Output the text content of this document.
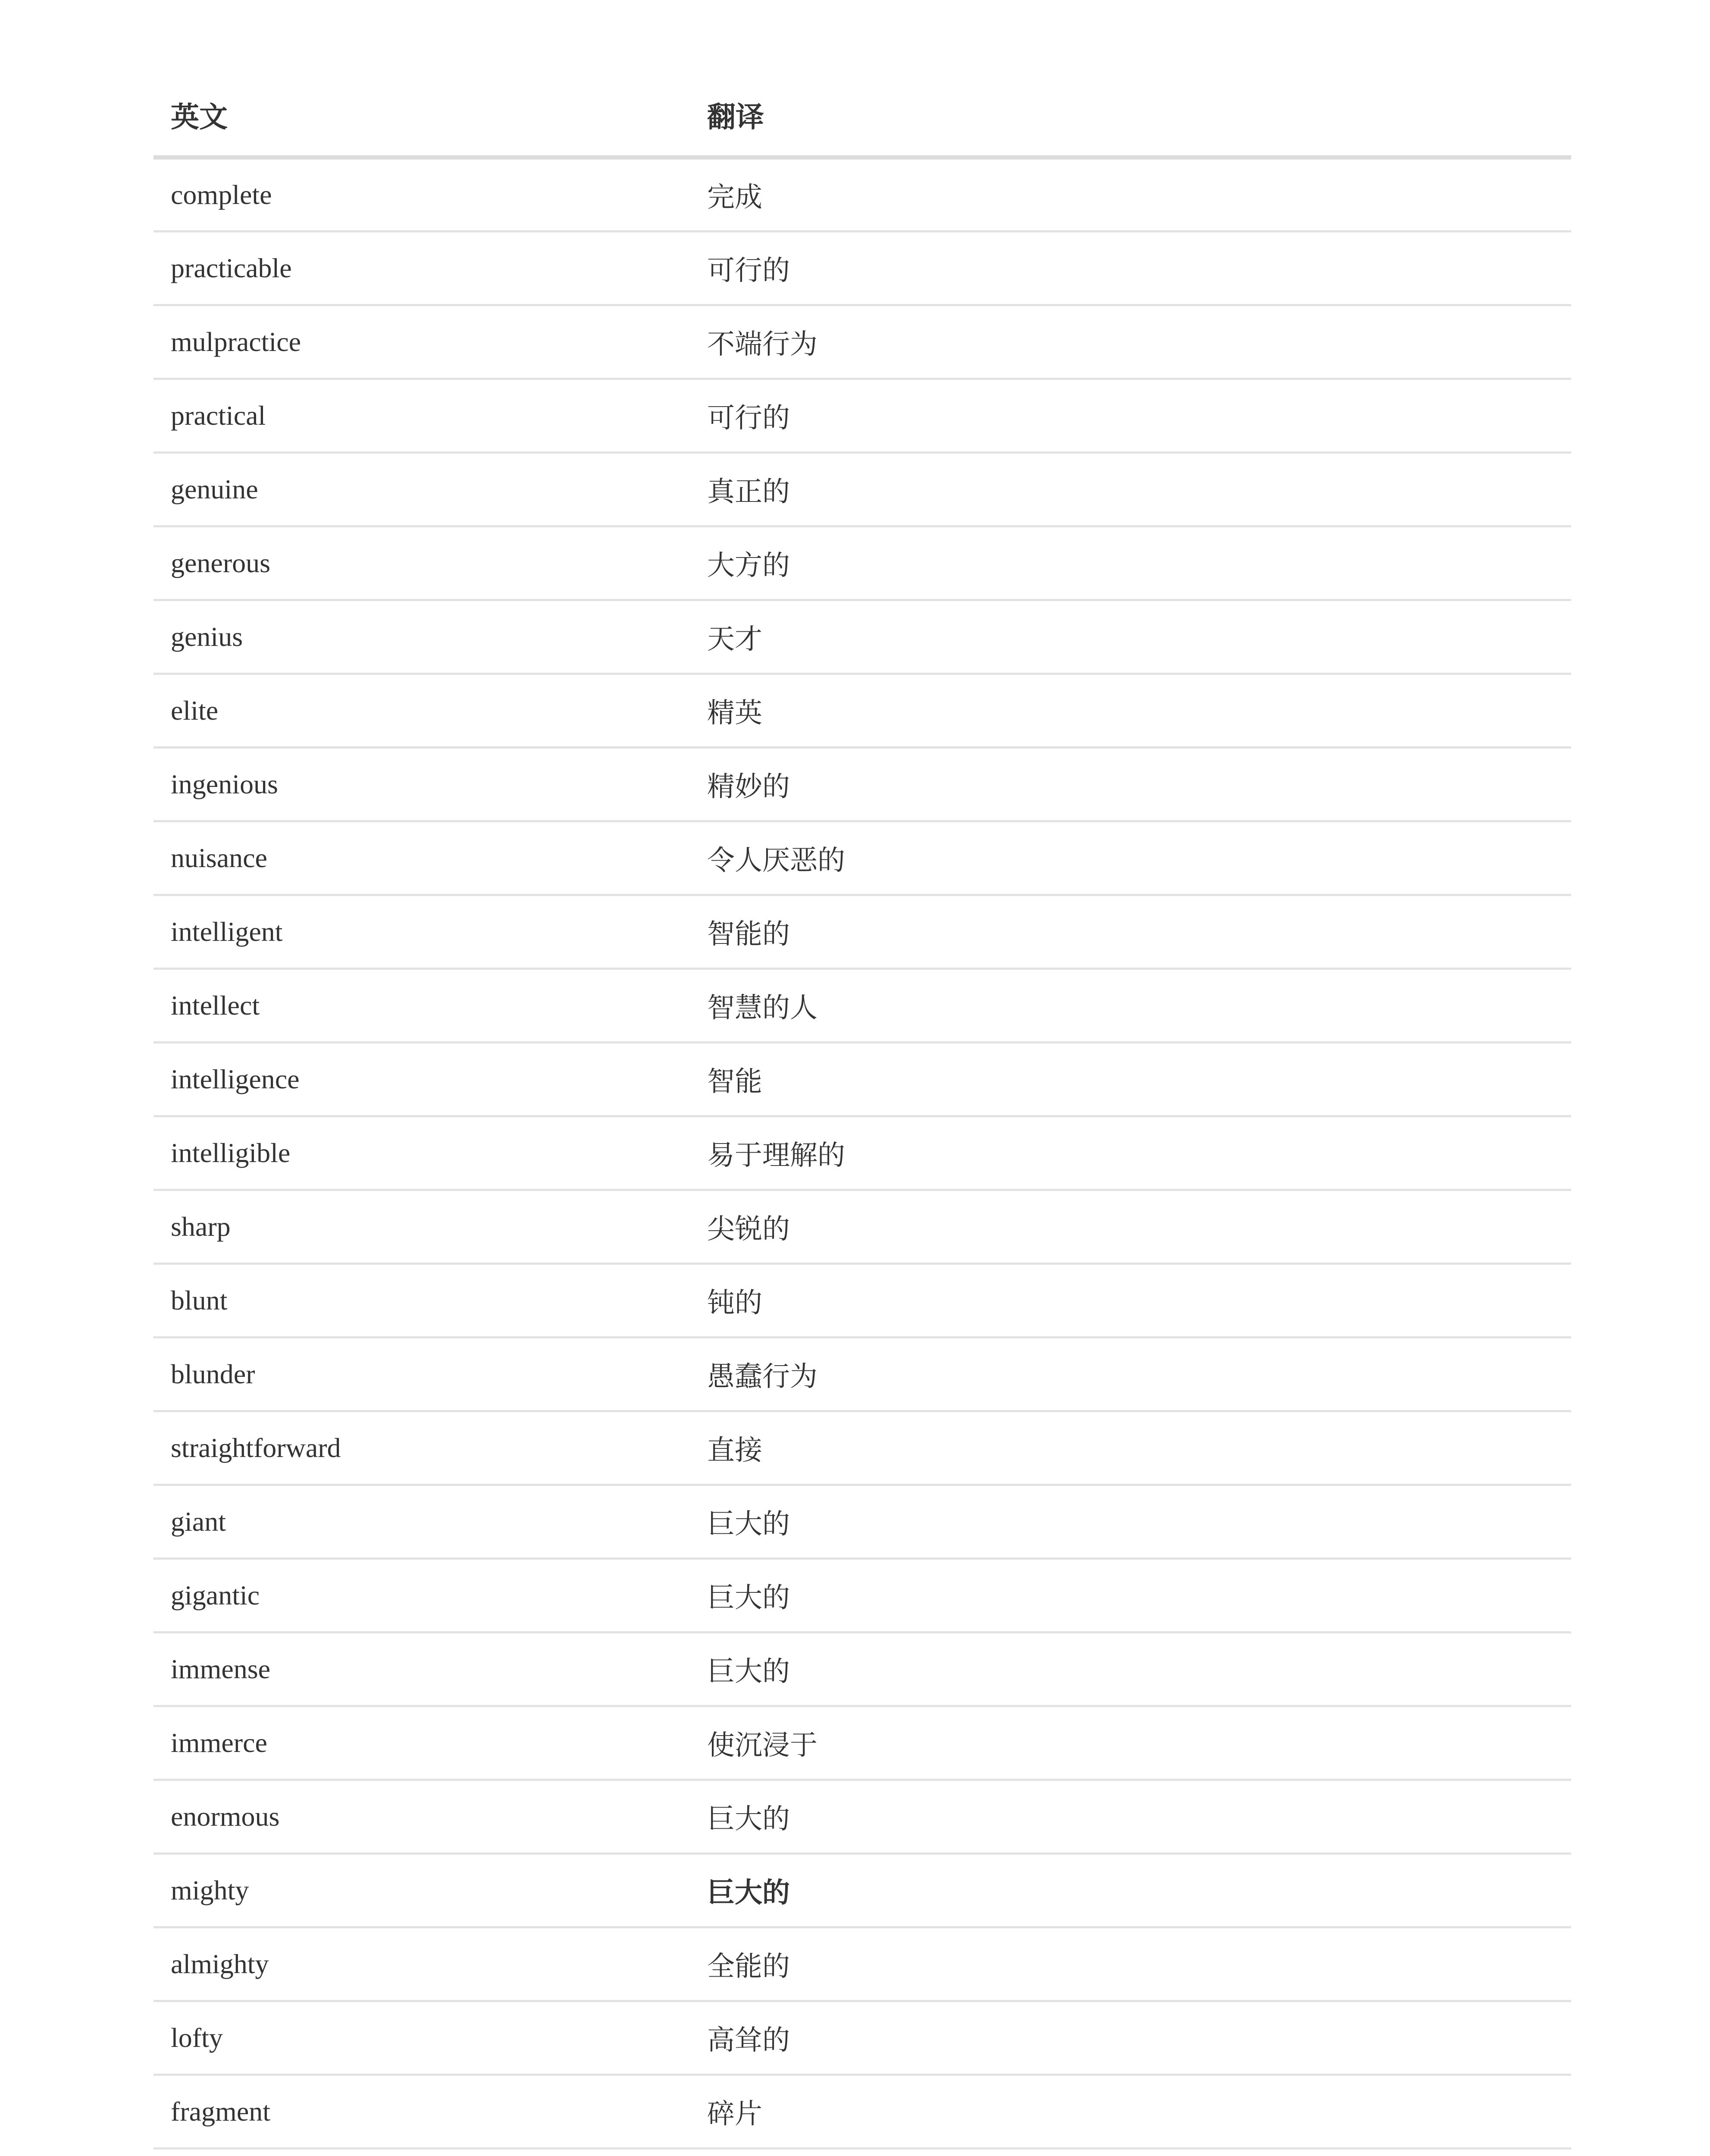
英文	翻译
complete	完成
practicable	可行的
mulpractice	不端行为
practical	可行的
genuine	真正的
generous	大方的
genius	天才
elite	精英
ingenious	精妙的
nuisance	令人厌恶的
intelligent	智能的
intellect	智慧的人
intelligence	智能
intelligible	易于理解的
sharp	尖锐的
blunt	钝的
blunder	愚蠢行为
straightforward	直接
giant	巨大的
gigantic	巨大的
immense	巨大的
immerce	使沉浸于
enormous	巨大的
mighty	巨大的
almighty	全能的
lofty	高耸的
fragment	碎片
